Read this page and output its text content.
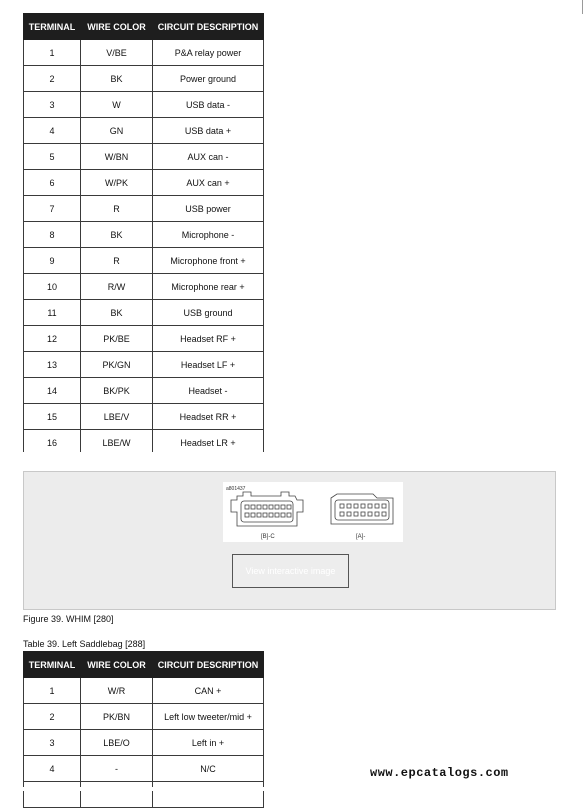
TERMINAL	WIRE COLOR	CIRCUIT DESCRIPTION
1	V/BE	P&A relay power
2	BK	Power ground
3	W	USB data -
4	GN	USB data +
5	W/BN	AUX can -
6	W/PK	AUX can +
7	R	USB power
8	BK	Microphone -
9	R	Microphone front +
10	R/W	Microphone rear +
11	BK	USB ground
12	PK/BE	Headset RF +
13	PK/GN	Headset LF +
14	BK/PK	Headset -
15	LBE/V	Headset RR +
16	LBE/W	Headset LR +
a801437
[B]-C	[A]-
View interactive image
Figure 39. WHIM [280]
Table 39. Left Saddlebag [288]
TERMINAL	WIRE COLOR	CIRCUIT DESCRIPTION
1	W/R	CAN +
2	PK/BN	Left low tweeter/mid +
3	LBE/O	Left in +
4	-	N/C
			www.epcatalogs.com
